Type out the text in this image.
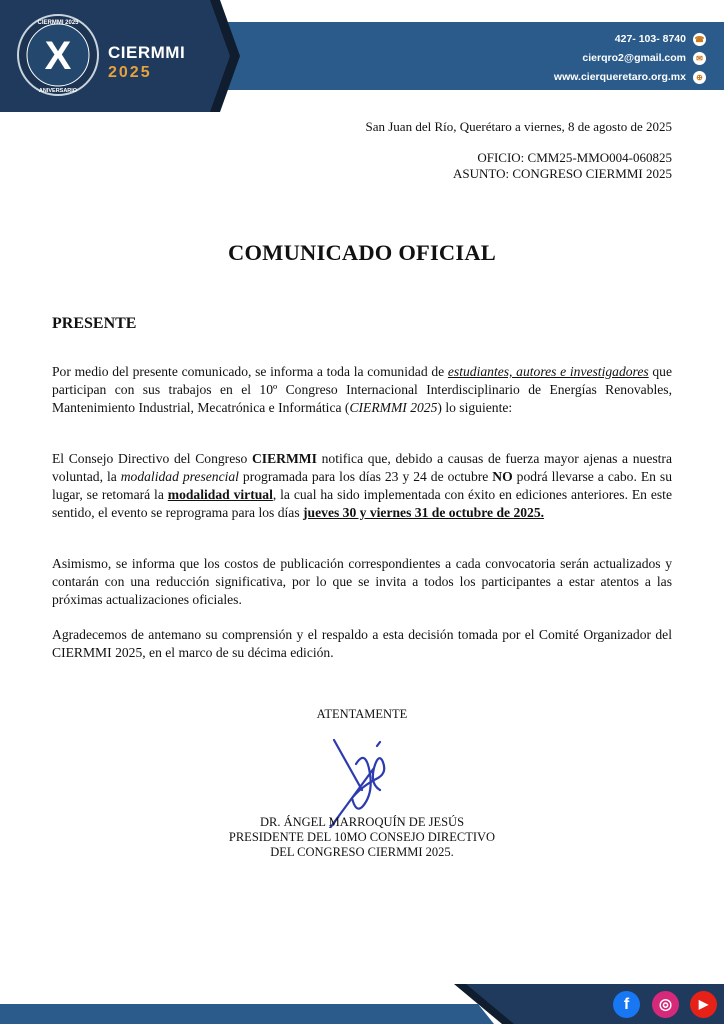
X
CIERMMI 2025
ANIVERSARIO
CIERMMI
2025
427- 103- 8740 ☎
cierqro2@gmail.com	✉
www.cierqueretaro.org.mx	⊕
San Juan del Río, Querétaro a viernes, 8 de agosto de 2025
OFICIO: CMM25-MMO004-060825
ASUNTO: CONGRESO CIERMMI 2025
COMUNICADO OFICIAL
PRESENTE
Por medio del presente comunicado, se informa a toda la comunidad de estudiantes, autores e investigadores que participan con sus trabajos en el 10º Congreso Internacional Interdisciplinario de Energías Renovables, Mantenimiento Industrial, Mecatrónica e Informática (CIERMMI 2025) lo siguiente:
El Consejo Directivo del Congreso CIERMMI notifica que, debido a causas de fuerza mayor ajenas a nuestra voluntad, la modalidad presencial programada para los días 23 y 24 de octubre NO podrá llevarse a cabo. En su lugar, se retomará la modalidad virtual, la cual ha sido implementada con éxito en ediciones anteriores. En este sentido, el evento se reprograma para los días jueves 30 y viernes 31 de octubre de 2025.
Asimismo, se informa que los costos de publicación correspondientes a cada convocatoria serán actualizados y contarán con una reducción significativa, por lo que se invita a todos los participantes a estar atentos a las próximas actualizaciones oficiales.
Agradecemos de antemano su comprensión y el respaldo a esta decisión tomada por el Comité Organizador del CIERMMI 2025, en el marco de su décima edición.
ATENTAMENTE
DR. ÁNGEL MARROQUÍN DE JESÚS
PRESIDENTE DEL 10MO CONSEJO DIRECTIVO
DEL CONGRESO CIERMMI 2025.
f	◎	▶
